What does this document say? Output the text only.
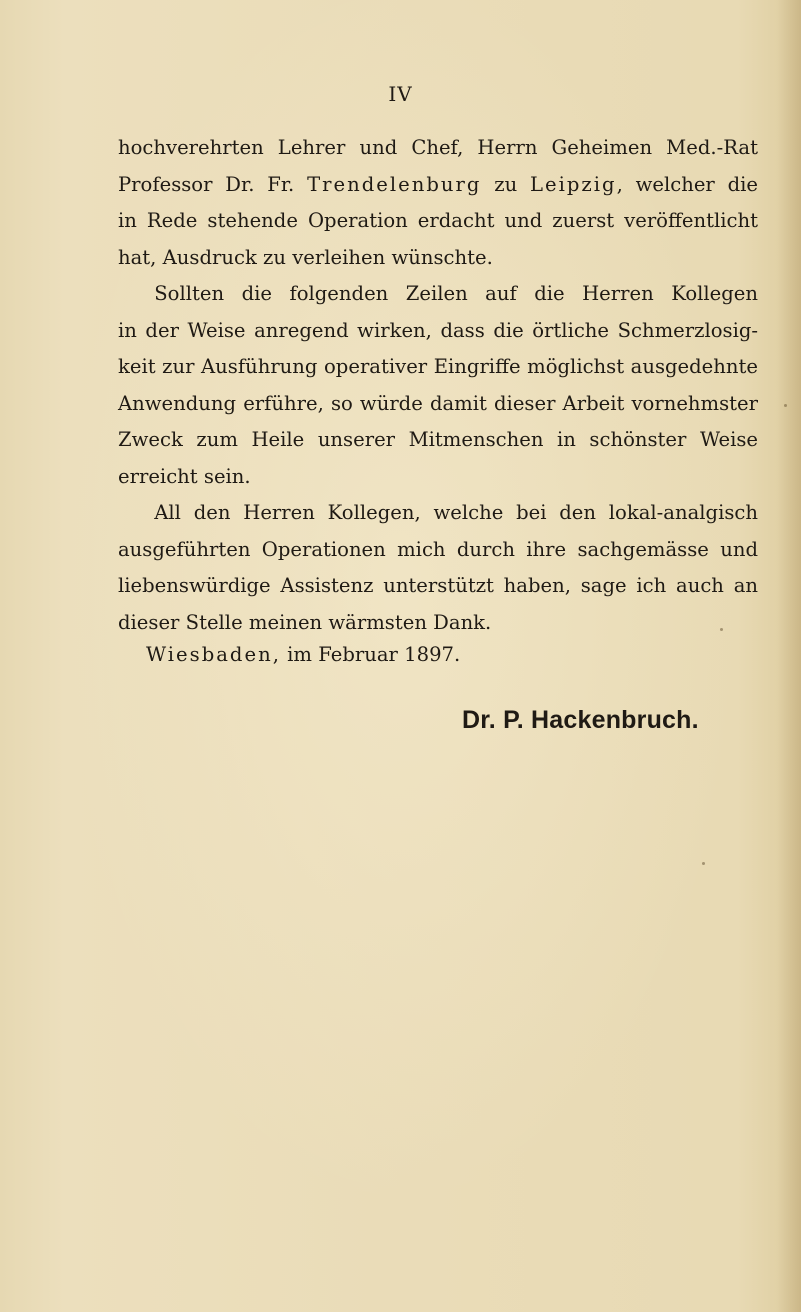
IV

hochverehrten Lehrer und Chef, Herrn Geheimen Med.-Rat
Professor Dr. Fr. Trendelenburg zu Leipzig, welcher die
in Rede stehende Operation erdacht und zuerst veröffentlicht
hat, Ausdruck zu verleihen wünschte.

Sollten die folgenden Zeilen auf die Herren Kollegen
in der Weise anregend wirken, dass die örtliche Schmerzlosig-
keit zur Ausführung operativer Eingriffe möglichst ausgedehnte
Anwendung erführe, so würde damit dieser Arbeit vornehmster
Zweck zum Heile unserer Mitmenschen in schönster Weise
erreicht sein.

All den Herren Kollegen, welche bei den lokal-analgisch
ausgeführten Operationen mich durch ihre sachgemässe und
liebenswürdige Assistenz unterstützt haben, sage ich auch an
dieser Stelle meinen wärmsten Dank.

Wiesbaden, im Februar 1897.
Dr. P. Hackenbruch.
